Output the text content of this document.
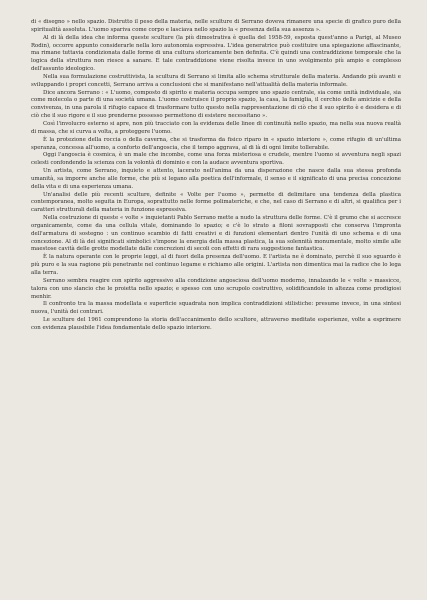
di « disegno » nello spazio. Distrutto il peso della materia, nelle sculture di Serrano doveva rimanere una specie di grafico puro della spiritualità assoluta. L'uomo spariva come corpo e lasciava nello spazio la « presenza della sua assenza ».

Al di là della idea che informa queste sculture (la più dimostrativa è quella del 1958-59, esposta quest'anno a Parigi, al Museo Rodin), occorre appunto considerarle nella loro autonomia espressiva. L'idea generatrice può costituire una spiegazione affascinante, ma rimane tuttavia condizionata dalle forme di una cultura storicamente ben definita. C'è quindi una contraddizione temporale che la logica della struttura non riesce a sanare. E tale contraddizione viene risolta invece in uno svolgimento più ampio e complesso dell'assunto ideologico.

Nella sua formulazione costruttivista, la scultura di Serrano si limita allo schema strutturale della materia. Andando più avanti e sviluppando i propri concetti, Serrano arriva a conclusioni che si manifestano nell'attualità della materia informale.

Dice ancora Serrano : « L'uomo, composto di spirito e materia occupa sempre uno spazio centrale, sia come unità individuale, sia come molecola o parte di una società umana. L'uomo costruisce il proprio spazio, la casa, la famiglia, il cerchio delle amicizie e della convivenza, in una parola il rifugio capace di trasformare tutto questo nella rappresentazione di ciò che il suo spirito è e desidera e di ciò che il suo rigore e il suo prenderne possesso permettono di esistere necessitano ».

Così l'involucro esterno si apre, non più tracciato con la evidenza delle linee di continuità nello spazio, ma nella sua nuova realtà di massa, che si curva a volta, a proteggere l'uomo.

È la protezione della roccia o della caverna, che si trasforma da fisico riparo in « spazio interiore », come rifugio di un'ultima speranza, concessa all'uomo, a conforto dell'angoscia, che il tempo aggrava, al di là di ogni limite tollerabile.

Oggi l'angoscia è cosmica, è un male che incombe, come una forza misteriosa e crudele, mentre l'uomo si avventura negli spazi celesti confondendo la scienza con la volontà di dominio e con la audace avventura sportiva.

Un artista, come Serrano, inquieto e attento, lacerato nell'anima da una disperazione che nasce dalla sua stessa profonda umanità, sa imporre anche alle forme, che più si legano alla poetica dell'informale, il senso e il significato di una precisa concezione della vita e di una esperienza umana.

Un'analisi delle più recenti sculture, definite « Volte per l'uomo », permette di delimitare una tendenza della plastica contemporanea, molto seguita in Europa, soprattutto nelle forme polimateriche, e che, nel caso di Serrano e di altri, si qualifica per i caratteri strutturali della materia in funzione espressiva.

Nella costruzione di queste « volte » inquietanti Pablo Serrano mette a nudo la struttura delle forme. C'è il grumo che si accresce organicamente, come da una cellula vitale, dominando lo spazio; e c'è lo strato a filoni sovrapposti che conserva l'impronta dell'armatura di sostegno : un continuo scambio di fatti creativi e di funzioni elementari dentro l'unità di uno schema e di una concezione. Al di là dei significati simbolici s'impone la energia della massa plastica, la sua solennità monumentale, molto simile alle maestose cavità delle grotte modellate dalle concrezioni di secoli con effetti di rara suggestione fantastica.

È la natura operante con le proprie leggi, al di fuori della presenza dell'uomo. E l'artista ne è dominato, perchè il suo sguardo è più puro e la sua ragione più penetrante nel continuo legame e richiamo alle origini. L'artista non dimentica mai la radice che lo lega alla terra.

Serrano sembra reagire con spirito aggressivo alla condizione angosciosa dell'uomo moderno, innalzando le « volte » massicce, talora con uno slancio che le proietta nello spazio; e spesso con uno scrupolo costruttivo, solidificandole in altezza come prodigiosi menhir.

Il confronto tra la massa modellata e superficie squadrata non implica contraddizioni stilistiche: presume invece, in una sintesi nuova, l'unità dei contrari.

Le sculture del 1961 comprendono la storia dell'accanimento dello scultore, attraverso meditate esperienze, volte a esprimere con evidenza plausibile l'idea fondamentale dello spazio interiore.
